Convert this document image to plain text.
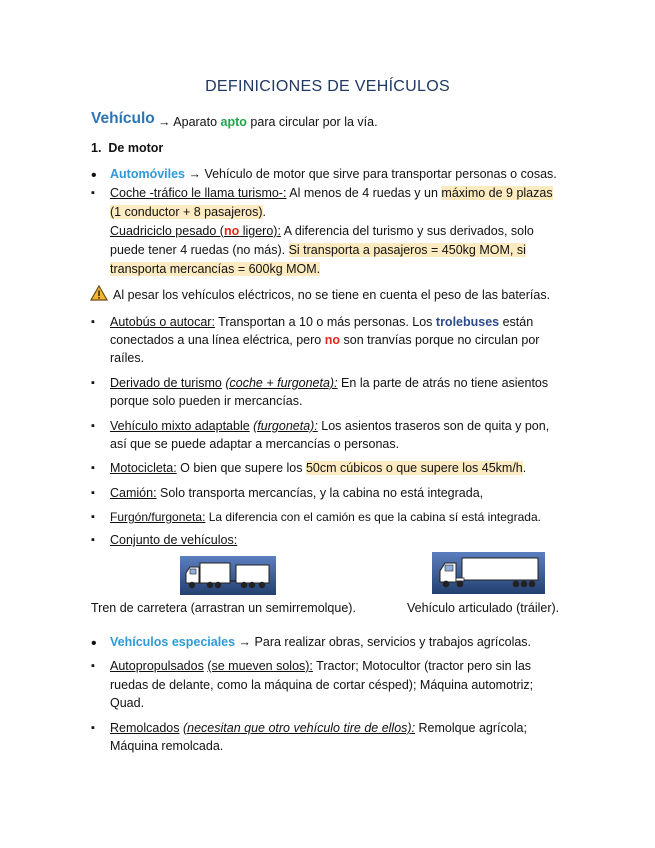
DEFINICIONES DE VEHÍCULOS
Vehículo → Aparato apto para circular por la vía.
1. De motor
• Automóviles → Vehículo de motor que sirve para transportar personas o cosas.
▪ Coche -tráfico le llama turismo-: Al menos de 4 ruedas y un máximo de 9 plazas
(1 conductor + 8 pasajeros).
Cuadriciclo pesado (no ligero): A diferencia del turismo y sus derivados, solo
puede tener 4 ruedas (no más). Si transporta a pasajeros = 450kg MOM, si
transporta mercancías = 600kg MOM.
Al pesar los vehículos eléctricos, no se tiene en cuenta el peso de las baterías.
▪ Autobús o autocar: Transportan a 10 o más personas. Los trolebuses están
conectados a una línea eléctrica, pero no son tranvías porque no circulan por
raíles.
▪ Derivado de turismo (coche + furgoneta): En la parte de atrás no tiene asientos
porque solo pueden ir mercancías.
▪ Vehículo mixto adaptable (furgoneta): Los asientos traseros son de quita y pon,
así que se puede adaptar a mercancías o personas.
▪ Motocicleta: O bien que supere los 50cm cúbicos o que supere los 45km/h.
▪ Camión: Solo transporta mercancías, y la cabina no está integrada,
▪ Furgón/furgoneta: La diferencia con el camión es que la cabina sí está integrada.
▪ Conjunto de vehículos:
Tren de carretera (arrastran un semirremolque).	Vehículo articulado (tráiler).
• Vehículos especiales → Para realizar obras, servicios y trabajos agrícolas.
▪ Autopropulsados (se mueven solos): Tractor; Motocultor (tractor pero sin las
ruedas de delante, como la máquina de cortar césped); Máquina automotriz;
Quad.
▪ Remolcados (necesitan que otro vehículo tire de ellos): Remolque agrícola;
Máquina remolcada.
